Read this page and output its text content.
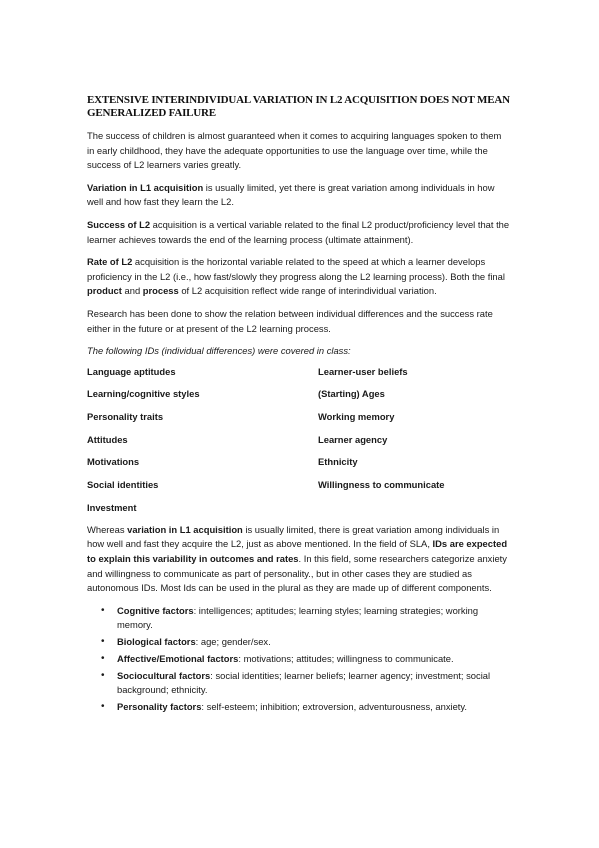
EXTENSIVE INTERINDIVIDUAL VARIATION IN L2 ACQUISITION DOES NOT MEAN GENERALIZED FAILURE

The success of children is almost guaranteed when it comes to acquiring languages spoken to them in early childhood, they have the adequate opportunities to use the language over time, while the success of L2 learners varies greatly.

Variation in L1 acquisition is usually limited, yet there is great variation among individuals in how well and how fast they learn the L2.

Success of L2 acquisition is a vertical variable related to the final L2 product/proficiency level that the learner achieves towards the end of the learning process (ultimate attainment).

Rate of L2 acquisition is the horizontal variable related to the speed at which a learner develops proficiency in the L2 (i.e., how fast/slowly they progress along the L2 learning process). Both the final product and process of L2 acquisition reflect wide range of interindividual variation.

Research has been done to show the relation between individual differences and the success rate either in the future or at present of the L2 learning process.

The following IDs (individual differences) were covered in class:

Language aptitudes	Learner-user beliefs
Learning/cognitive styles	(Starting) Ages
Personality traits	Working memory
Attitudes	Learner agency
Motivations	Ethnicity
Social identities	Willingness to communicate
Investment

Whereas variation in L1 acquisition is usually limited, there is great variation among individuals in how well and fast they acquire the L2, just as above mentioned. In the field of SLA, IDs are expected to explain this variability in outcomes and rates. In this field, some researchers categorize anxiety and willingness to communicate as part of personality., but in other cases they are studied as autonomous IDs. Most Ids can be used in the plural as they are made up of different components.

• Cognitive factors: intelligences; aptitudes; learning styles; learning strategies; working memory.
• Biological factors: age; gender/sex.
• Affective/Emotional factors: motivations; attitudes; willingness to communicate.
• Sociocultural factors: social identities; learner beliefs; learner agency; investment; social background; ethnicity.
• Personality factors: self-esteem; inhibition; extroversion, adventurousness, anxiety.
